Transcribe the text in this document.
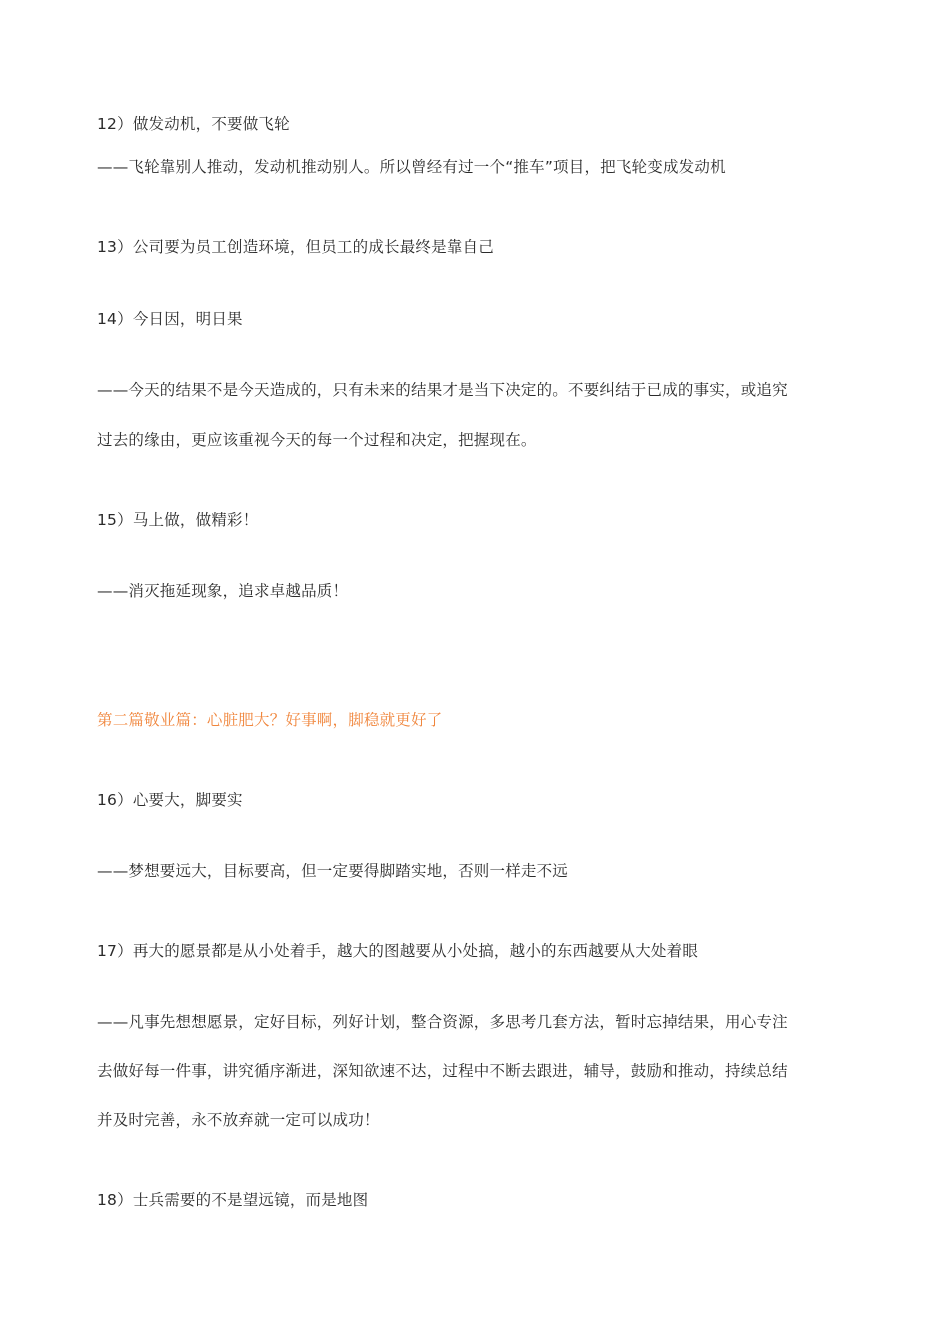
12）做发动机，不要做飞轮

——飞轮靠别人推动，发动机推动别人。所以曾经有过一个“推车”项目，把飞轮变成发动机

13）公司要为员工创造环境，但员工的成长最终是靠自己

14）今日因，明日果

——今天的结果不是今天造成的，只有未来的结果才是当下决定的。不要纠结于已成的事实，或追究

过去的缘由，更应该重视今天的每一个过程和决定，把握现在。

15）马上做，做精彩！

——消灭拖延现象，追求卓越品质！

第二篇敬业篇：心脏肥大？好事啊，脚稳就更好了

16）心要大，脚要实

——梦想要远大，目标要高，但一定要得脚踏实地，否则一样走不远

17）再大的愿景都是从小处着手，越大的图越要从小处搞，越小的东西越要从大处着眼

——凡事先想想愿景，定好目标，列好计划，整合资源，多思考几套方法，暂时忘掉结果，用心专注

去做好每一件事，讲究循序渐进，深知欲速不达，过程中不断去跟进，辅导，鼓励和推动，持续总结

并及时完善，永不放弃就一定可以成功！

18）士兵需要的不是望远镜，而是地图
